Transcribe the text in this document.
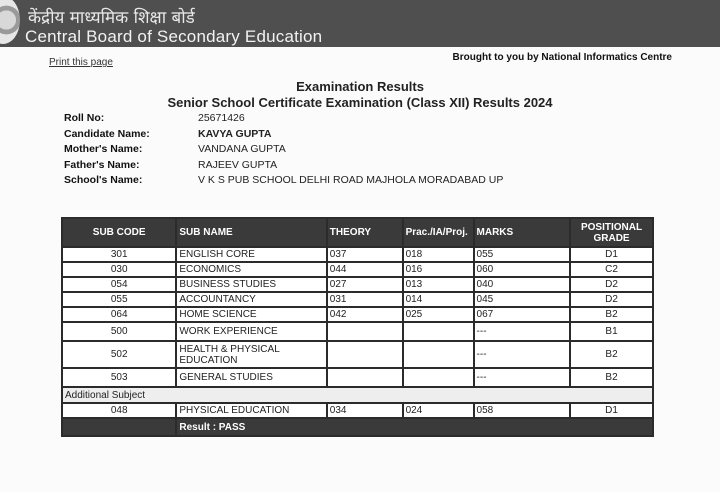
केंद्रीय माध्यमिक शिक्षा बोर्ड
Central Board of Secondary Education
Print this page	Brought to you by National Informatics Centre
Examination Results
Senior School Certificate Examination (Class XII) Results 2024
Roll No:	25671426
Candidate Name:	KAVYA GUPTA
Mother's Name:	VANDANA GUPTA
Father's Name:	RAJEEV GUPTA
School's Name:	V K S PUB SCHOOL DELHI ROAD MAJHOLA MORADABAD UP
SUB CODE	SUB NAME	THEORY	Prac./IA/Proj.	MARKS	POSITIONAL GRADE
301	ENGLISH CORE	037	018	055	D1
030	ECONOMICS	044	016	060	C2
054	BUSINESS STUDIES	027	013	040	D2
055	ACCOUNTANCY	031	014	045	D2
064	HOME SCIENCE	042	025	067	B2
500	WORK EXPERIENCE			---	B1
502	HEALTH & PHYSICAL EDUCATION			---	B2
503	GENERAL STUDIES			---	B2
Additional Subject					
048	PHYSICAL EDUCATION	034	024	058	D1
	Result : PASS				
